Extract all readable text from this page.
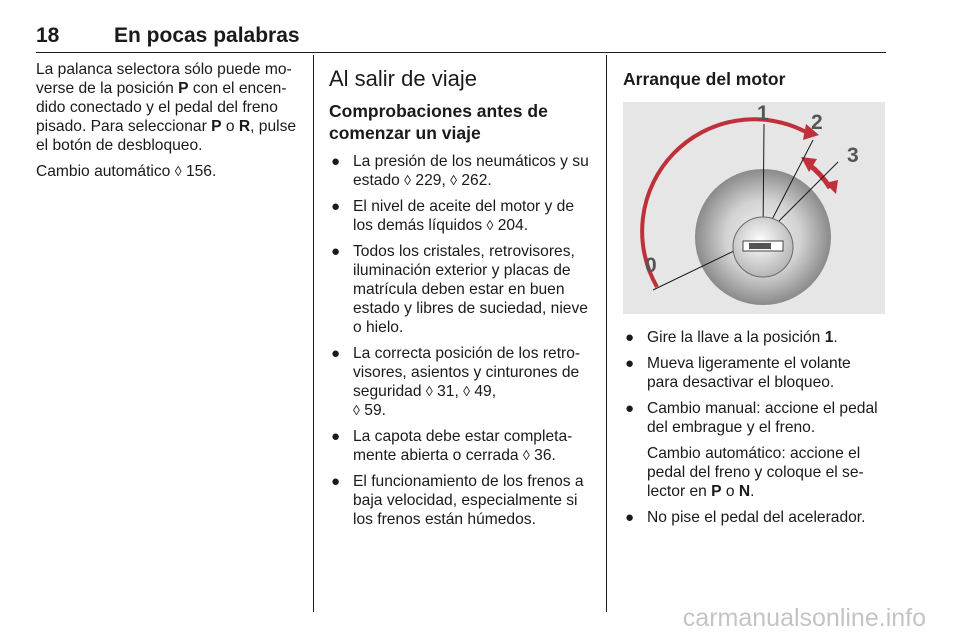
18	En pocas palabras

La palanca selectora sólo puede mo-verse de la posición P con el encen-dido conectado y el pedal del freno pisado. Para seleccionar P o R, pulse el botón de desbloqueo.

Cambio automático ◊ 156.

Al salir de viaje
Comprobaciones antes de comenzar un viaje
● La presión de los neumáticos y su estado ◊ 229, ◊ 262.
● El nivel de aceite del motor y de los demás líquidos ◊ 204.
● Todos los cristales, retrovisores, iluminación exterior y placas de matrícula deben estar en buen estado y libres de suciedad, nieve o hielo.
● La correcta posición de los retro-visores, asientos y cinturones de seguridad ◊ 31, ◊ 49,
◊ 59.
● La capota debe estar completa-mente abierta o cerrada ◊ 36.
● El funcionamiento de los frenos a baja velocidad, especialmente si los frenos están húmedos.
Arranque del motor
0
1 2
3
● Gire la llave a la posición 1.
● Mueva ligeramente el volante para desactivar el bloqueo.
● Cambio manual: accione el pedal del embrague y el freno.

Cambio automático: accione el pedal del freno y coloque el se-lector en P o N.

● No pise el pedal del acelerador.
carmanualsonline.info
